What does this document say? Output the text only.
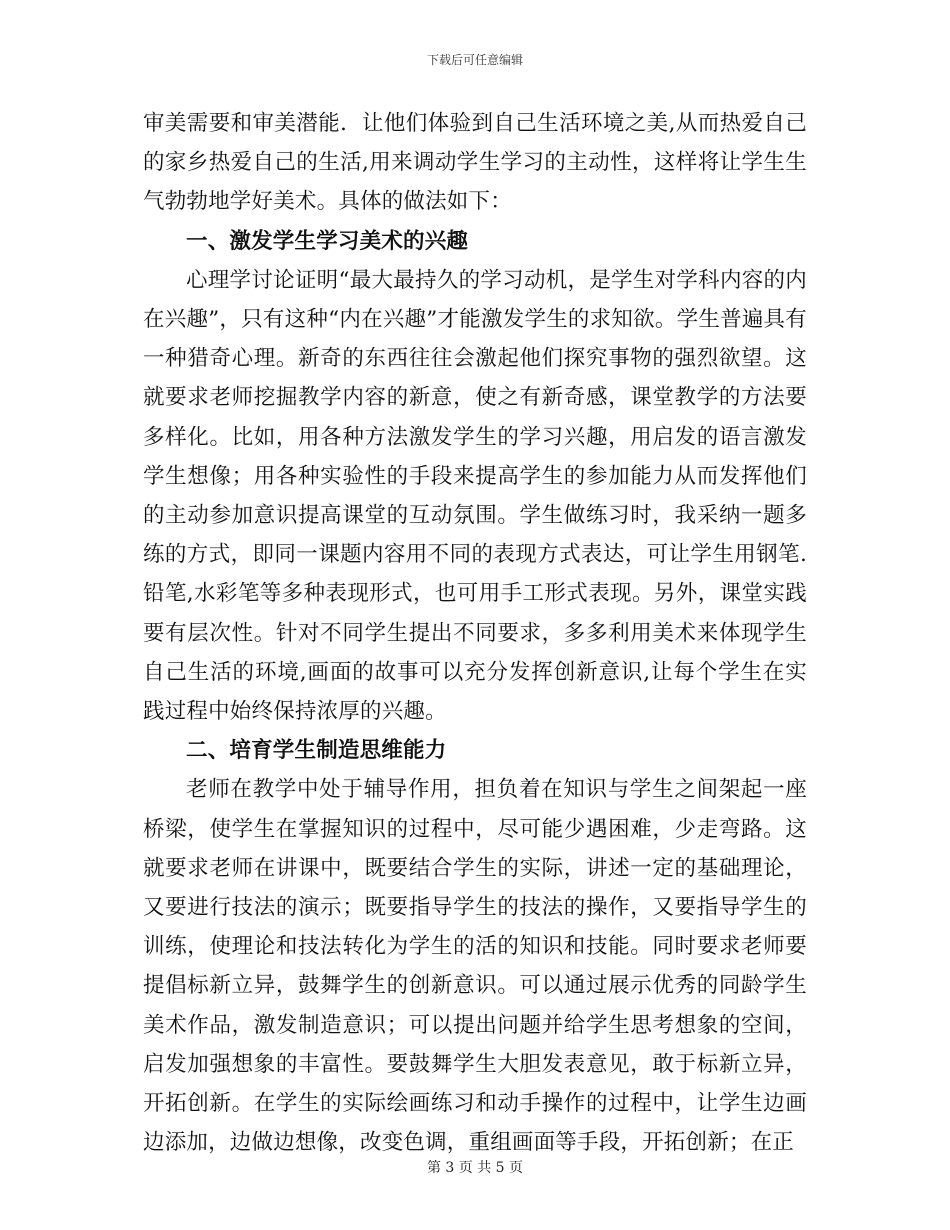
下载后可任意编辑

审美需要和审美潜能．让他们体验到自己生活环境之美,从而热爱自己的家乡热爱自己的生活,用来调动学生学习的主动性，这样将让学生生气勃勃地学好美术。具体的做法如下：

一、激发学生学习美术的兴趣

心理学讨论证明“最大最持久的学习动机，是学生对学科内容的内在兴趣”，只有这种“内在兴趣”才能激发学生的求知欲。学生普遍具有一种猎奇心理。新奇的东西往往会激起他们探究事物的强烈欲望。这就要求老师挖掘教学内容的新意，使之有新奇感，课堂教学的方法要多样化。比如，用各种方法激发学生的学习兴趣，用启发的语言激发学生想像；用各种实验性的手段来提高学生的参加能力从而发挥他们的主动参加意识提高课堂的互动氛围。学生做练习时，我采纳一题多练的方式，即同一课题内容用不同的表现方式表达，可让学生用钢笔.铅笔,水彩笔等多种表现形式，也可用手工形式表现。另外，课堂实践要有层次性。针对不同学生提出不同要求，多多利用美术来体现学生自己生活的环境,画面的故事可以充分发挥创新意识,让每个学生在实践过程中始终保持浓厚的兴趣。

二、培育学生制造思维能力

老师在教学中处于辅导作用，担负着在知识与学生之间架起一座桥梁，使学生在掌握知识的过程中，尽可能少遇困难，少走弯路。这就要求老师在讲课中，既要结合学生的实际，讲述一定的基础理论，又要进行技法的演示；既要指导学生的技法的操作，又要指导学生的训练，使理论和技法转化为学生的活的知识和技能。同时要求老师要提倡标新立异，鼓舞学生的创新意识。可以通过展示优秀的同龄学生美术作品，激发制造意识；可以提出问题并给学生思考想象的空间，启发加强想象的丰富性。要鼓舞学生大胆发表意见，敢于标新立异，开拓创新。在学生的实际绘画练习和动手操作的过程中，让学生边画边添加，边做边想像，改变色调，重组画面等手段，开拓创新；在正

第 3 页 共 5 页
